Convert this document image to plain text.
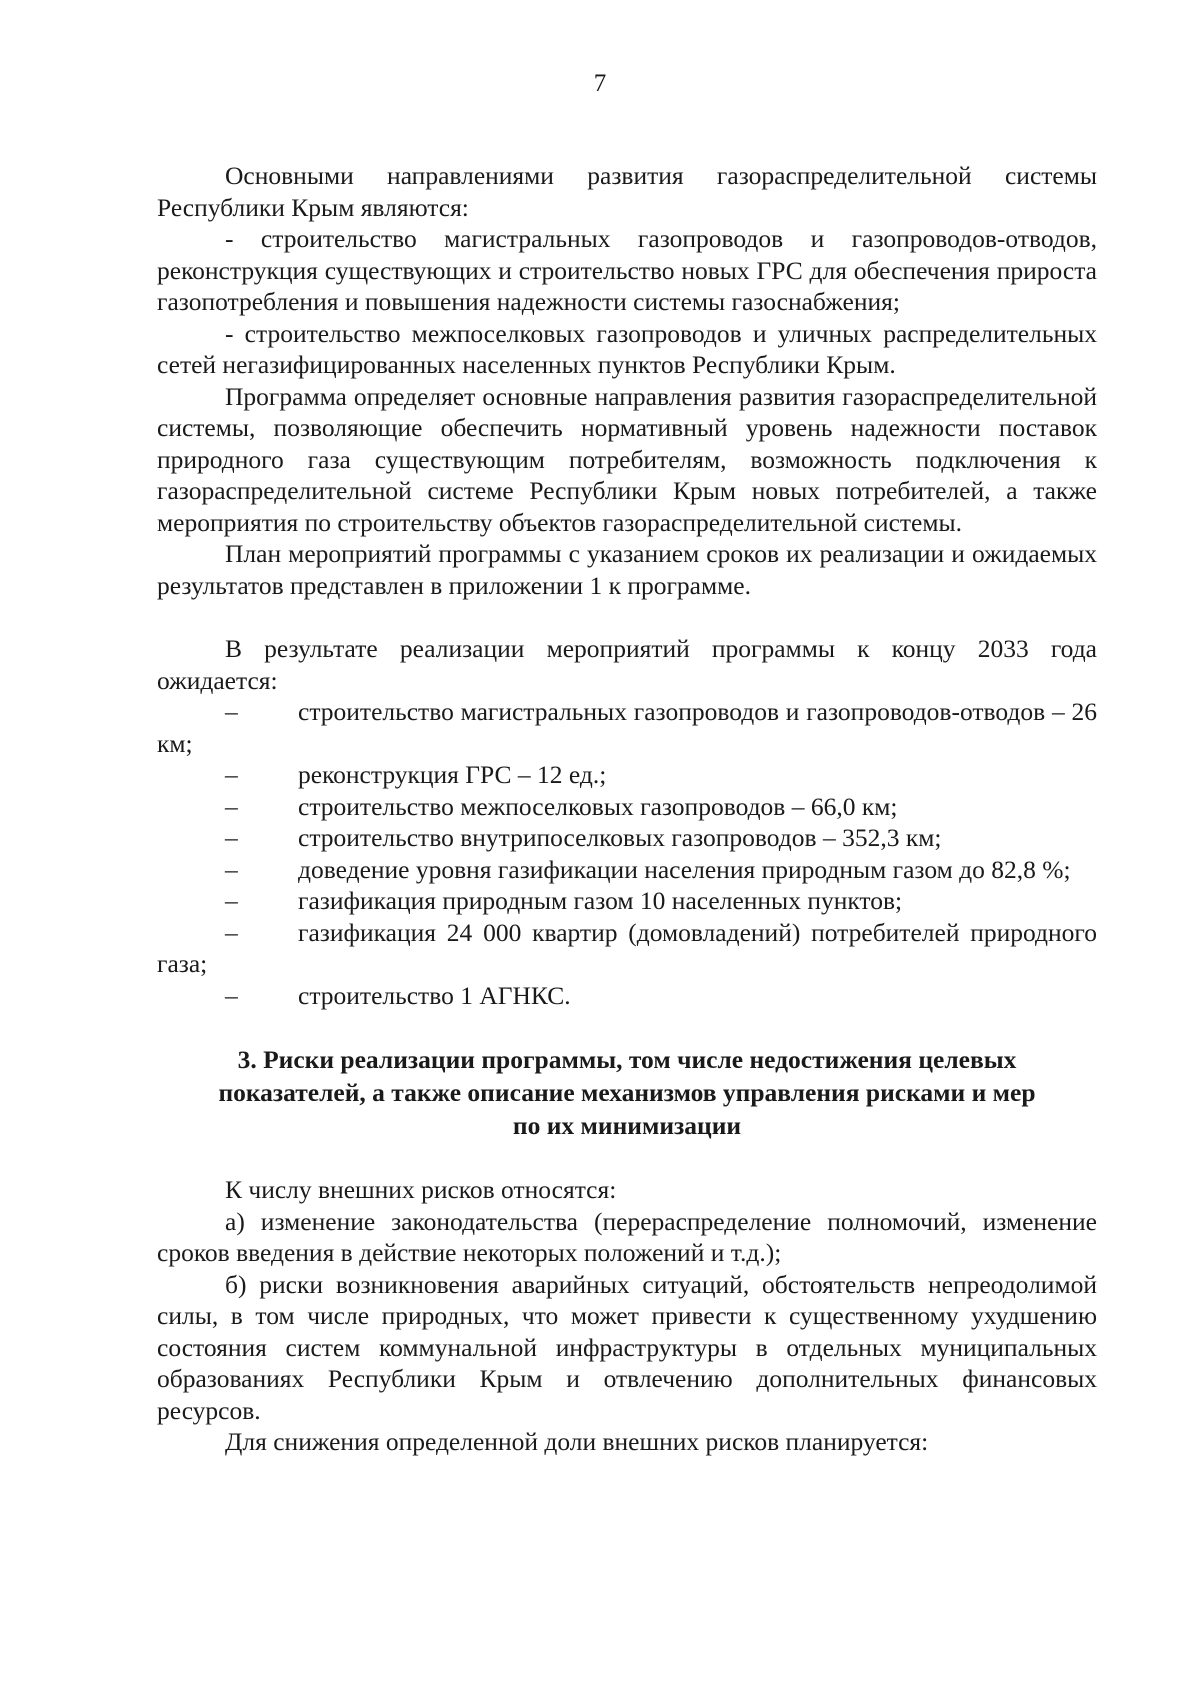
7

Основными направлениями развития газораспределительной системы Республики Крым являются:

- строительство магистральных газопроводов и газопроводов-отводов, реконструкция существующих и строительство новых ГРС для обеспечения прироста газопотребления и повышения надежности системы газоснабжения;

- строительство межпоселковых газопроводов и уличных распределительных сетей негазифицированных населенных пунктов Республики Крым.

Программа определяет основные направления развития газораспределительной системы, позволяющие обеспечить нормативный уровень надежности поставок природного газа существующим потребителям, возможность подключения к газораспределительной системе Республики Крым новых потребителей, а также мероприятия по строительству объектов газораспределительной системы.

План мероприятий программы с указанием сроков их реализации и ожидаемых результатов представлен в приложении 1 к программе.

В результате реализации мероприятий программы к концу 2033 года ожидается:

– строительство магистральных газопроводов и газопроводов-отводов – 26 км;

– реконструкция ГРС – 12 ед.;

– строительство межпоселковых газопроводов – 66,0 км;

– строительство внутрипоселковых газопроводов – 352,3 км;

– доведение уровня газификации населения природным газом до 82,8 %;

– газификация природным газом 10 населенных пунктов;

– газификация 24 000 квартир (домовладений) потребителей природного газа;

– строительство 1 АГНКС.

3. Риски реализации программы, том числе недостижения целевых

показателей, а также описание механизмов управления рисками и мер

по их минимизации

К числу внешних рисков относятся:

а) изменение законодательства (перераспределение полномочий, изменение сроков введения в действие некоторых положений и т.д.);

б) риски возникновения аварийных ситуаций, обстоятельств непреодолимой силы, в том числе природных, что может привести к существенному ухудшению состояния систем коммунальной инфраструктуры в отдельных муниципальных образованиях Республики Крым и отвлечению дополнительных финансовых ресурсов.

Для снижения определенной доли внешних рисков планируется:
